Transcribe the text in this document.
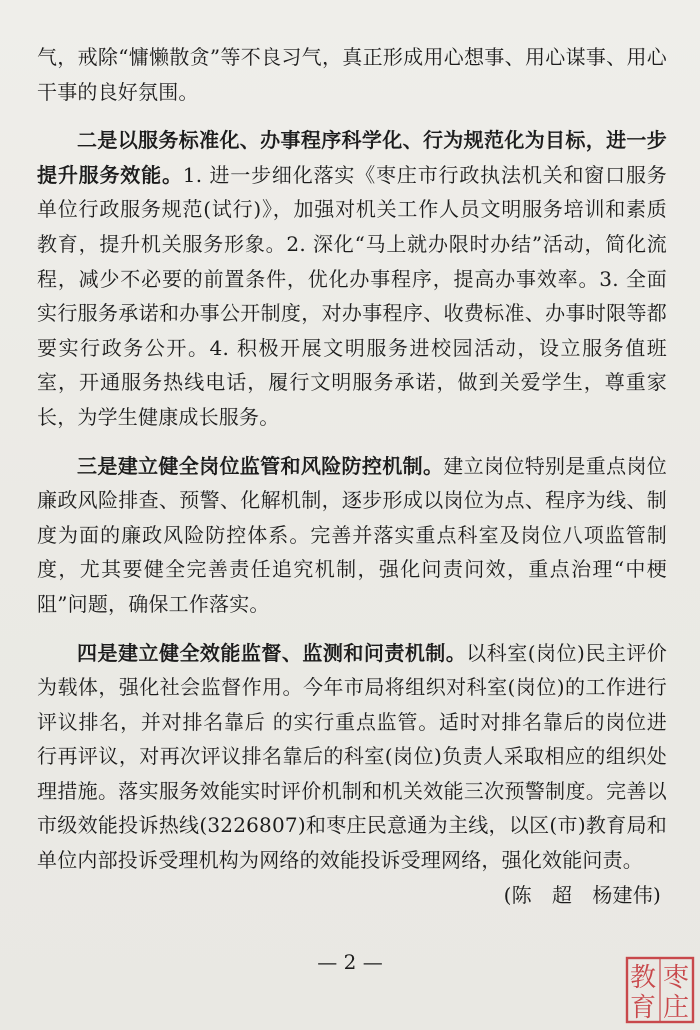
气，戒除“慵懒散贪”等不良习气，真正形成用心想事、用心谋事、用心干事的良好氛围。

二是以服务标准化、办事程序科学化、行为规范化为目标，进一步提升服务效能。1. 进一步细化落实《枣庄市行政执法机关和窗口服务单位行政服务规范(试行)》，加强对机关工作人员文明服务培训和素质教育，提升机关服务形象。2. 深化“马上就办限时办结”活动，简化流程，减少不必要的前置条件，优化办事程序，提高办事效率。3. 全面实行服务承诺和办事公开制度，对办事程序、收费标准、办事时限等都要实行政务公开。4. 积极开展文明服务进校园活动，设立服务值班室，开通服务热线电话，履行文明服务承诺，做到关爱学生，尊重家长，为学生健康成长服务。

三是建立健全岗位监管和风险防控机制。建立岗位特别是重点岗位廉政风险排查、预警、化解机制，逐步形成以岗位为点、程序为线、制度为面的廉政风险防控体系。完善并落实重点科室及岗位八项监管制度，尤其要健全完善责任追究机制，强化问责问效，重点治理“中梗阻”问题，确保工作落实。

四是建立健全效能监督、监测和问责机制。以科室(岗位)民主评价为载体，强化社会监督作用。今年市局将组织对科室(岗位)的工作进行评议排名，并对排名靠后 的实行重点监管。适时对排名靠后的岗位进行再评议，对再次评议排名靠后的科室(岗位)负责人采取相应的组织处理措施。落实服务效能实时评价机制和机关效能三次预警制度。完善以市级效能投诉热线(3226807)和枣庄民意通为主线，以区(市)教育局和单位内部投诉受理机构为网络的效能投诉受理网络，强化效能问责。
(陈　超　杨建伟)

— 2 —
枣
庄
教
育
